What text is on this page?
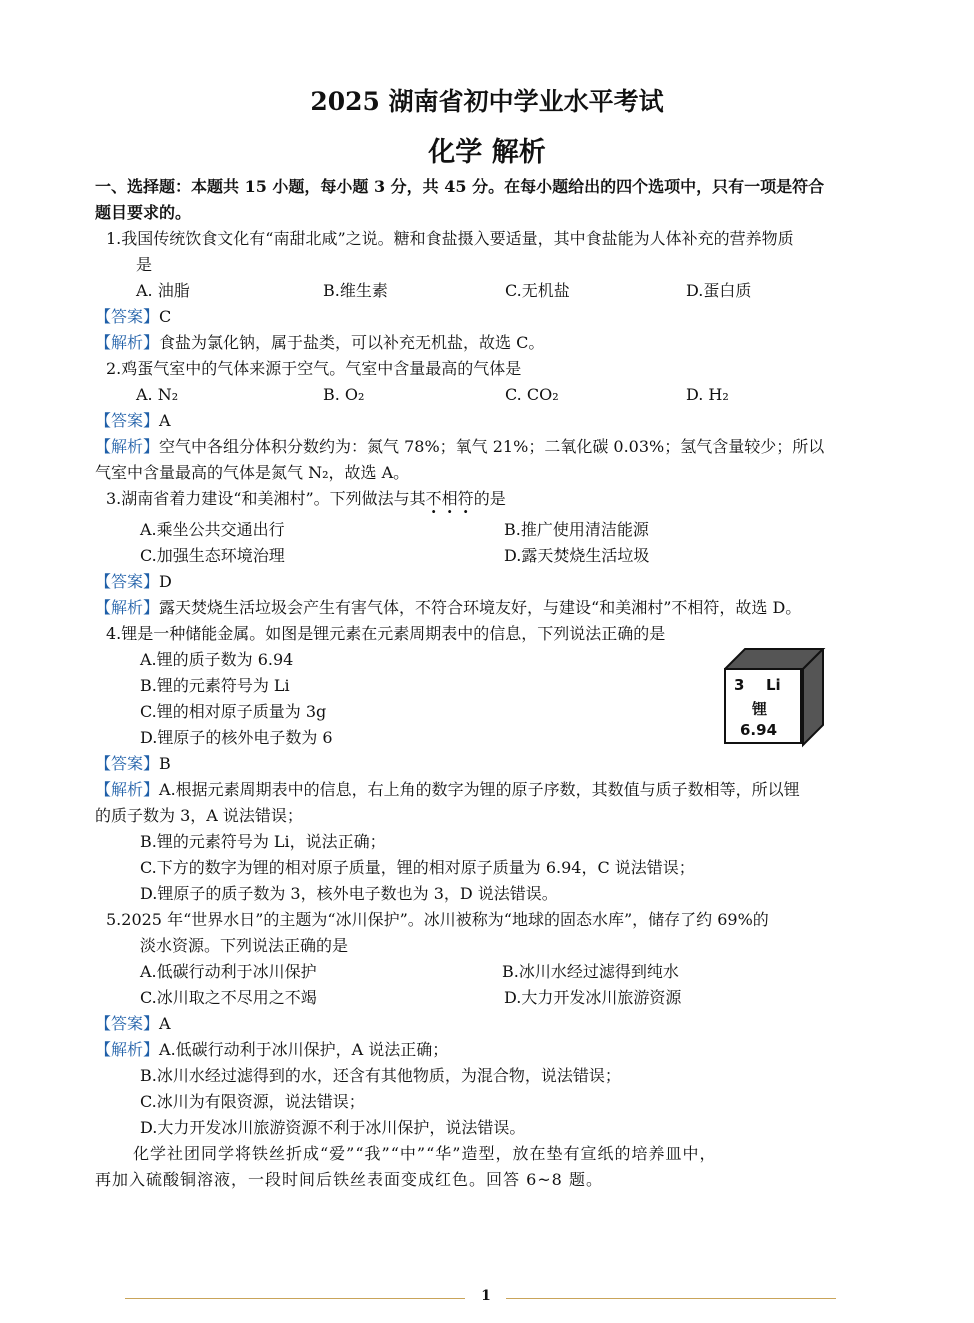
2025 湖南省初中学业水平考试
化学 解析
一、选择题：本题共 15 小题，每小题 3 分，共 45 分。在每小题给出的四个选项中，只有一项是符合
题目要求的。
1.我国传统饮食文化有“南甜北咸”之说。糖和食盐摄入要适量，其中食盐能为人体补充的营养物质
是
A. 油脂	B.维生素	C.无机盐	D.蛋白质
【答案】C
【解析】食盐为氯化钠，属于盐类，可以补充无机盐，故选 C。
2.鸡蛋气室中的气体来源于空气。气室中含量最高的气体是
A. N₂	B. O₂	C. CO₂	D. H₂
【答案】A
【解析】空气中各组分体积分数约为：氮气 78%；氧气 21%；二氧化碳 0.03%；氢气含量较少；所以
气室中含量最高的气体是氮气 N₂，故选 A。
3.湖南省着力建设“和美湘村”。下列做法与其不相符的是
A.乘坐公共交通出行	B.推广使用清洁能源
C.加强生态环境治理	D.露天焚烧生活垃圾
【答案】D
【解析】露天焚烧生活垃圾会产生有害气体，不符合环境友好，与建设“和美湘村”不相符，故选 D。
4.锂是一种储能金属。如图是锂元素在元素周期表中的信息，下列说法正确的是
A.锂的质子数为 6.94
B.锂的元素符号为 Li
C.锂的相对原子质量为 3g
D.锂原子的核外电子数为 6
3 Li
锂
6.94
【答案】B
【解析】A.根据元素周期表中的信息，右上角的数字为锂的原子序数，其数值与质子数相等，所以锂
的质子数为 3，A 说法错误；
B.锂的元素符号为 Li，说法正确；
C.下方的数字为锂的相对原子质量，锂的相对原子质量为 6.94，C 说法错误；
D.锂原子的质子数为 3，核外电子数也为 3，D 说法错误。
5.2025 年“世界水日”的主题为“冰川保护”。冰川被称为“地球的固态水库”，储存了约 69%的
淡水资源。下列说法正确的是
A.低碳行动利于冰川保护	B.冰川水经过滤得到纯水
C.冰川取之不尽用之不竭	D.大力开发冰川旅游资源
【答案】A
【解析】A.低碳行动利于冰川保护，A 说法正确；
B.冰川水经过滤得到的水，还含有其他物质，为混合物，说法错误；
C.冰川为有限资源，说法错误；
D.大力开发冰川旅游资源不利于冰川保护，说法错误。
化学社团同学将铁丝折成“爱”“我”“中”“华”造型，放在垫有宣纸的培养皿中，
再加入硫酸铜溶液，一段时间后铁丝表面变成红色。回答 6~8 题。
1
